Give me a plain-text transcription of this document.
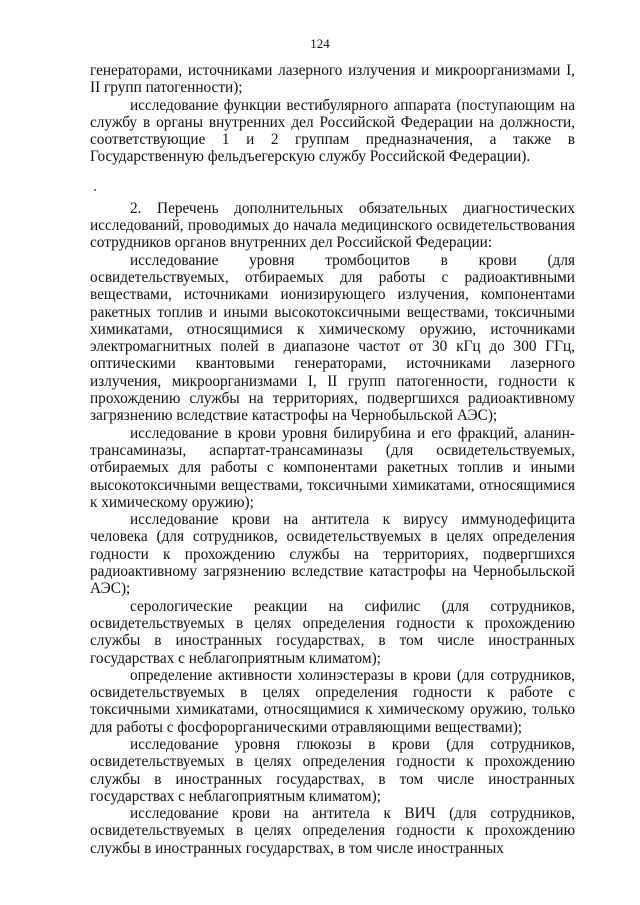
124

генераторами, источниками лазерного излучения и микроорганизмами I, II групп патогенности);

исследование функции вестибулярного аппарата (поступающим на службу в органы внутренних дел Российской Федерации на должности, соответствующие 1 и 2 группам предназначения, а также в Государственную фельдъегерскую службу Российской Федерации).

2. Перечень дополнительных обязательных диагностических исследований, проводимых до начала медицинского освидетельствования сотрудников органов внутренних дел Российской Федерации:

исследование уровня тромбоцитов в крови (для освидетельствуемых, отбираемых для работы с радиоактивными веществами, источниками ионизирующего излучения, компонентами ракетных топлив и иными высокотоксичными веществами, токсичными химикатами, относящимися к химическому оружию, источниками электромагнитных полей в диапазоне частот от 30 кГц до 300 ГГц, оптическими квантовыми генераторами, источниками лазерного излучения, микроорганизмами I, II групп патогенности, годности к прохождению службы на территориях, подвергшихся радиоактивному загрязнению вследствие катастрофы на Чернобыльской АЭС);

исследование в крови уровня билирубина и его фракций, аланин-трансаминазы, аспартат-трансаминазы (для освидетельствуемых, отбираемых для работы с компонентами ракетных топлив и иными высокотоксичными веществами, токсичными химикатами, относящимися к химическому оружию);

исследование крови на антитела к вирусу иммунодефицита человека (для сотрудников, освидетельствуемых в целях определения годности к прохождению службы на территориях, подвергшихся радиоактивному загрязнению вследствие катастрофы на Чернобыльской АЭС);

серологические реакции на сифилис (для сотрудников, освидетельствуемых в целях определения годности к прохождению службы в иностранных государствах, в том числе иностранных государствах с неблагоприятным климатом);

определение активности холинэстеразы в крови (для сотрудников, освидетельствуемых в целях определения годности к работе с токсичными химикатами, относящимися к химическому оружию, только для работы с фосфорорганическими отравляющими веществами);

исследование уровня глюкозы в крови (для сотрудников, освидетельствуемых в целях определения годности к прохождению службы в иностранных государствах, в том числе иностранных государствах с неблагоприятным климатом);

исследование крови на антитела к ВИЧ (для сотрудников, освидетельствуемых в целях определения годности к прохождению службы в иностранных государствах, в том числе иностранных
